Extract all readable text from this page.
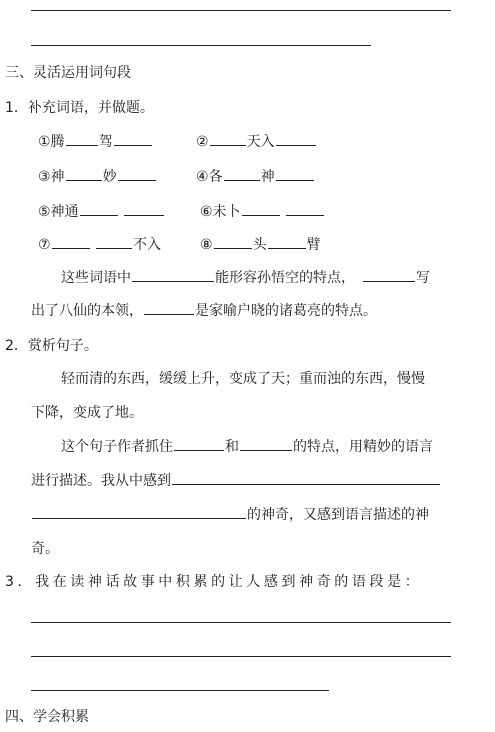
三、灵活运用词句段
1．补充词语，并做题。
①腾 驾	②	天入
③神	妙	④各	神
⑤神通	⑥未卜
⑦	不入	⑧	头	臂
这些词语中	能形容孙悟空的特点，	写
出了八仙的本领，	是家喻户晓的诸葛亮的特点。
2．赏析句子。
轻而清的东西，缓缓上升，变成了天；重而浊的东西，慢慢
下降，变成了地。
这个句子作者抓住	和	的特点，用精妙的语言
进行描述。我从中感到
的神奇，又感到语言描述的神
奇。
3．我在读神话故事中积累的让人感到神奇的语段是：
四、学会积累
